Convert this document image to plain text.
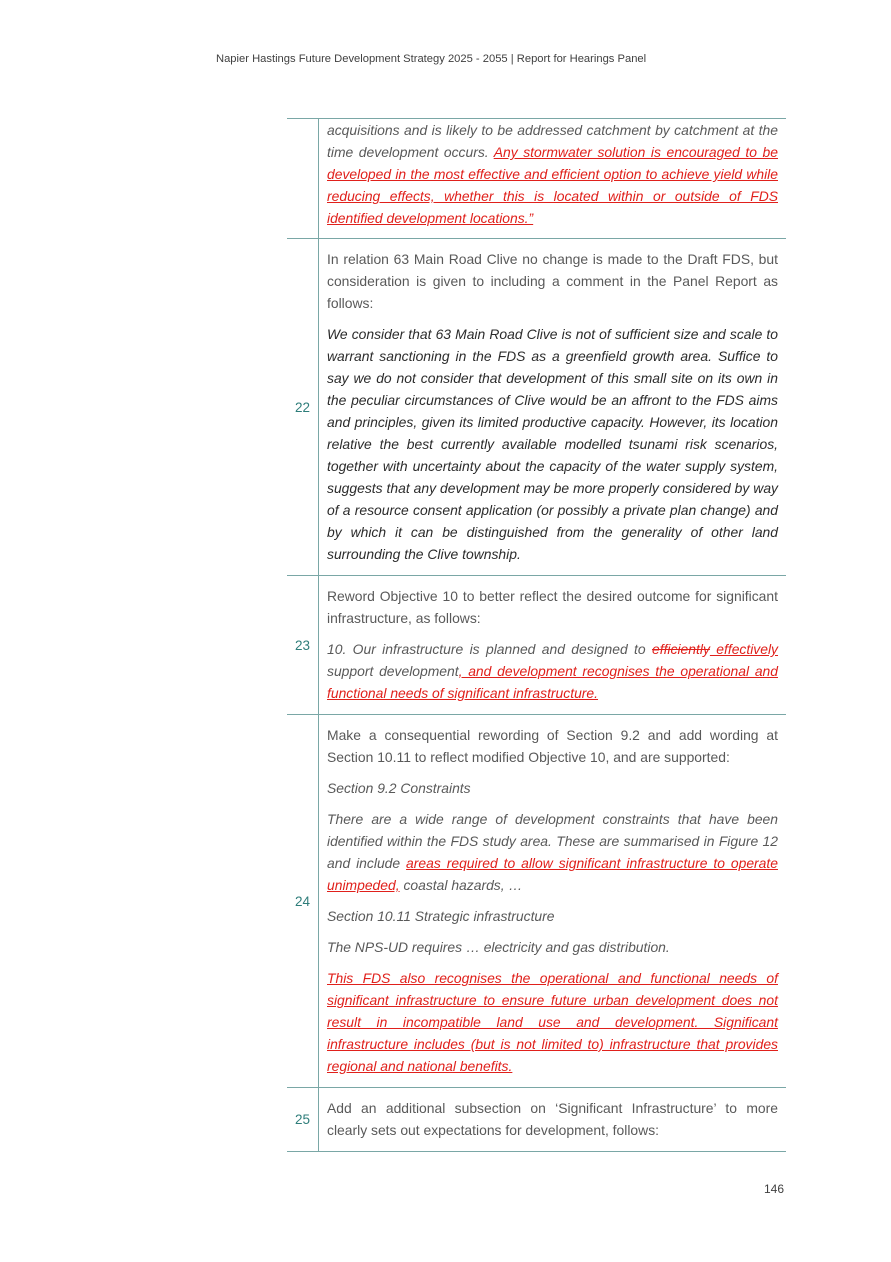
Napier Hastings Future Development Strategy 2025 - 2055 | Report for Hearings Panel

acquisitions and is likely to be addressed catchment by catchment at the time development occurs. Any stormwater solution is encouraged to be developed in the most effective and efficient option to achieve yield while reducing effects, whether this is located within or outside of FDS identified development locations.”

22

In relation 63 Main Road Clive no change is made to the Draft FDS, but consideration is given to including a comment in the Panel Report as follows:

We consider that 63 Main Road Clive is not of sufficient size and scale to warrant sanctioning in the FDS as a greenfield growth area. Suffice to say we do not consider that development of this small site on its own in the peculiar circumstances of Clive would be an affront to the FDS aims and principles, given its limited productive capacity. However, its location relative the best currently available modelled tsunami risk scenarios, together with uncertainty about the capacity of the water supply system, suggests that any development may be more properly considered by way of a resource consent application (or possibly a private plan change) and by which it can be distinguished from the generality of other land surrounding the Clive township.

23

Reword Objective 10 to better reflect the desired outcome for significant infrastructure, as follows:

10. Our infrastructure is planned and designed to efficiently effectively support development, and development recognises the operational and functional needs of significant infrastructure.

24

Make a consequential rewording of Section 9.2 and add wording at Section 10.11 to reflect modified Objective 10, and are supported:

Section 9.2 Constraints

There are a wide range of development constraints that have been identified within the FDS study area. These are summarised in Figure 12 and include areas required to allow significant infrastructure to operate unimpeded, coastal hazards, …

Section 10.11 Strategic infrastructure

The NPS-UD requires … electricity and gas distribution.

This FDS also recognises the operational and functional needs of significant infrastructure to ensure future urban development does not result in incompatible land use and development. Significant infrastructure includes (but is not limited to) infrastructure that provides regional and national benefits.

25

Add an additional subsection on ‘Significant Infrastructure’ to more clearly sets out expectations for development, follows:

146
